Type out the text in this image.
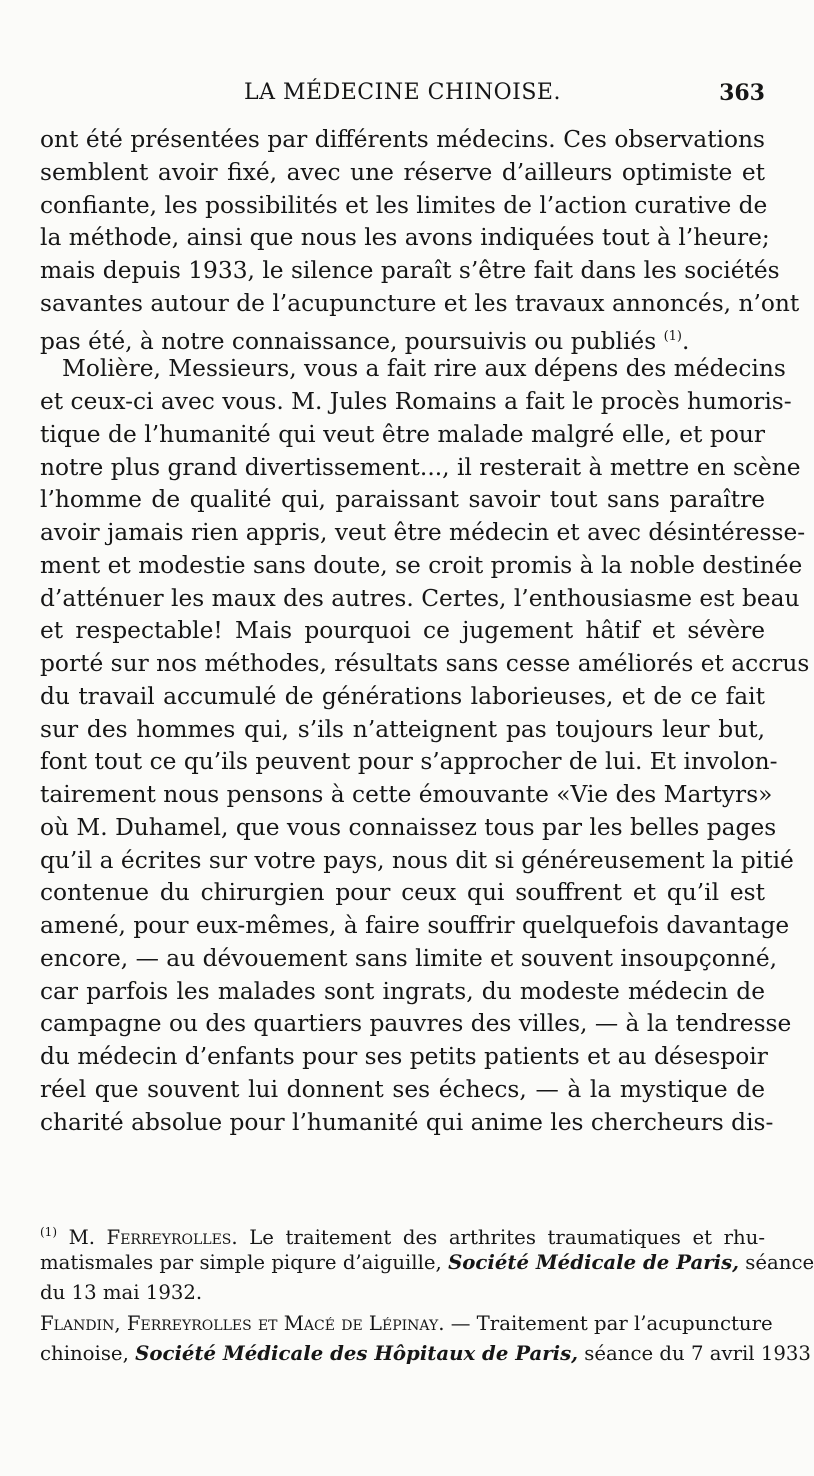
LA MÉDECINE CHINOISE.	363
ont été présentées par différents médecins. Ces observations
semblent avoir fixé, avec une réserve d’ailleurs optimiste et
confiante, les possibilités et les limites de l’action curative de
la méthode, ainsi que nous les avons indiquées tout à l’heure;
mais depuis 1933, le silence paraît s’être fait dans les sociétés
savantes autour de l’acupuncture et les travaux annoncés, n’ont
pas été, à notre connaissance, poursuivis ou publiés $^{(1)}$.
Molière, Messieurs, vous a fait rire aux dépens des médecins
et ceux-ci avec vous. M. Jules Romains a fait le procès humoris-
tique de l’humanité qui veut être malade malgré elle, et pour
notre plus grand divertissement..., il resterait à mettre en scène
l’homme de qualité qui, paraissant savoir tout sans paraître
avoir jamais rien appris, veut être médecin et avec désintéresse-
ment et modestie sans doute, se croit promis à la noble destinée
d’atténuer les maux des autres. Certes, l’enthousiasme est beau
et respectable! Mais pourquoi ce jugement hâtif et sévère
porté sur nos méthodes, résultats sans cesse améliorés et accrus
du travail accumulé de générations laborieuses, et de ce fait
sur des hommes qui, s’ils n’atteignent pas toujours leur but,
font tout ce qu’ils peuvent pour s’approcher de lui. Et involon-
tairement nous pensons à cette émouvante «Vie des Martyrs»
où M. Duhamel, que vous connaissez tous par les belles pages
qu’il a écrites sur votre pays, nous dit si généreusement la pitié
contenue du chirurgien pour ceux qui souffrent et qu’il est
amené, pour eux-mêmes, à faire souffrir quelquefois davantage
encore, — au dévouement sans limite et souvent insoupçonné,
car parfois les malades sont ingrats, du modeste médecin de
campagne ou des quartiers pauvres des villes, — à la tendresse
du médecin d’enfants pour ses petits patients et au désespoir
réel que souvent lui donnent ses échecs, — à la mystique de
charité absolue pour l’humanité qui anime les chercheurs dis-
$^{(1)}$ M. Ferreyrolles. Le traitement des arthrites traumatiques et rhu-
matismales par simple piqure d’aiguille, Société Médicale de Paris, séance
du 13 mai 1932.
Flandin, Ferreyrolles et Macé de Lépinay. — Traitement par l’acupuncture
chinoise, Société Médicale des Hôpitaux de Paris, séance du 7 avril 1933
